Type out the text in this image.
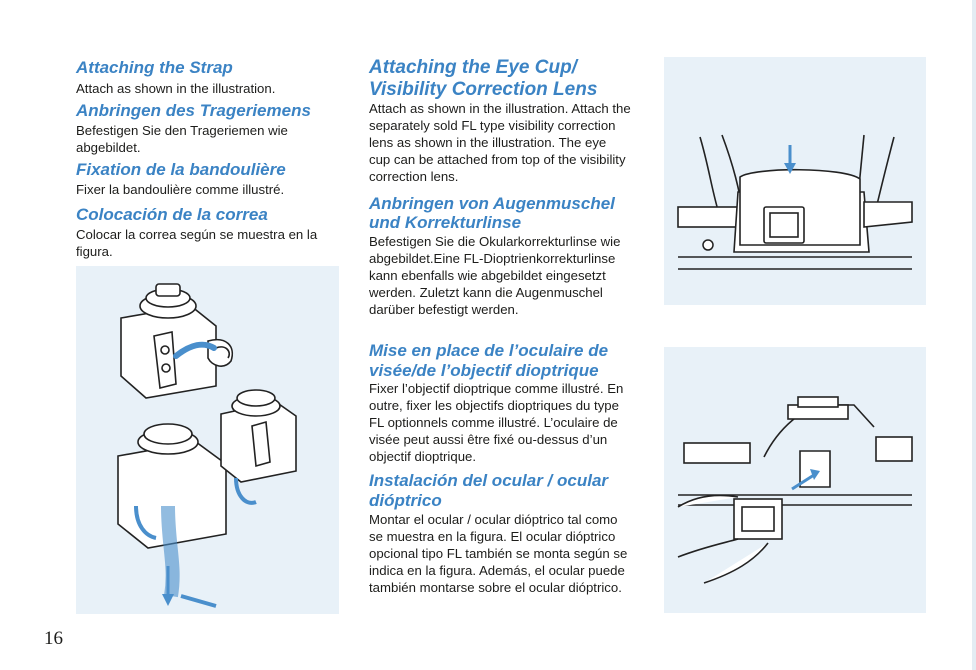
Attaching the Strap

Attach as shown in the illustration.

Anbringen des Trageriemens

Befestigen Sie den Trageriemen wie abgebildet.

Fixation de la bandoulière

Fixer la bandoulière comme illustré.

Colocación de la correa

Colocar la correa según se muestra en la figura.

Attaching the Eye Cup/
Visibility Correction Lens

Attach as shown in the illustration. Attach the separately sold FL type visibility correction lens as shown in the illustration. The eye cup can be attached from top of the visibility correction lens.

Anbringen von Augenmuschel
und Korrekturlinse

Befestigen Sie die Okularkorrekturlinse wie abgebildet.Eine FL-Dioptrienkorrekturlinse kann ebenfalls wie abgebildet eingesetzt werden. Zuletzt kann die Augenmuschel darüber befestigt werden.

Mise en place de l’oculaire de
visée/de l’objectif dioptrique

Fixer l’objectif dioptrique comme illustré. En outre, fixer les objectifs dioptriques du type FL optionnels comme illustré. L’oculaire de visée peut aussi être fixé ou-dessus d’un objectif dioptrique.

Instalación del ocular / ocular
dióptrico

Montar el ocular / ocular dióptrico tal como se muestra en la figura. El ocular dióptrico opcional tipo FL también se monta según se indica en la figura. Además, el ocular puede también montarse sobre el ocular dióptrico.

16
